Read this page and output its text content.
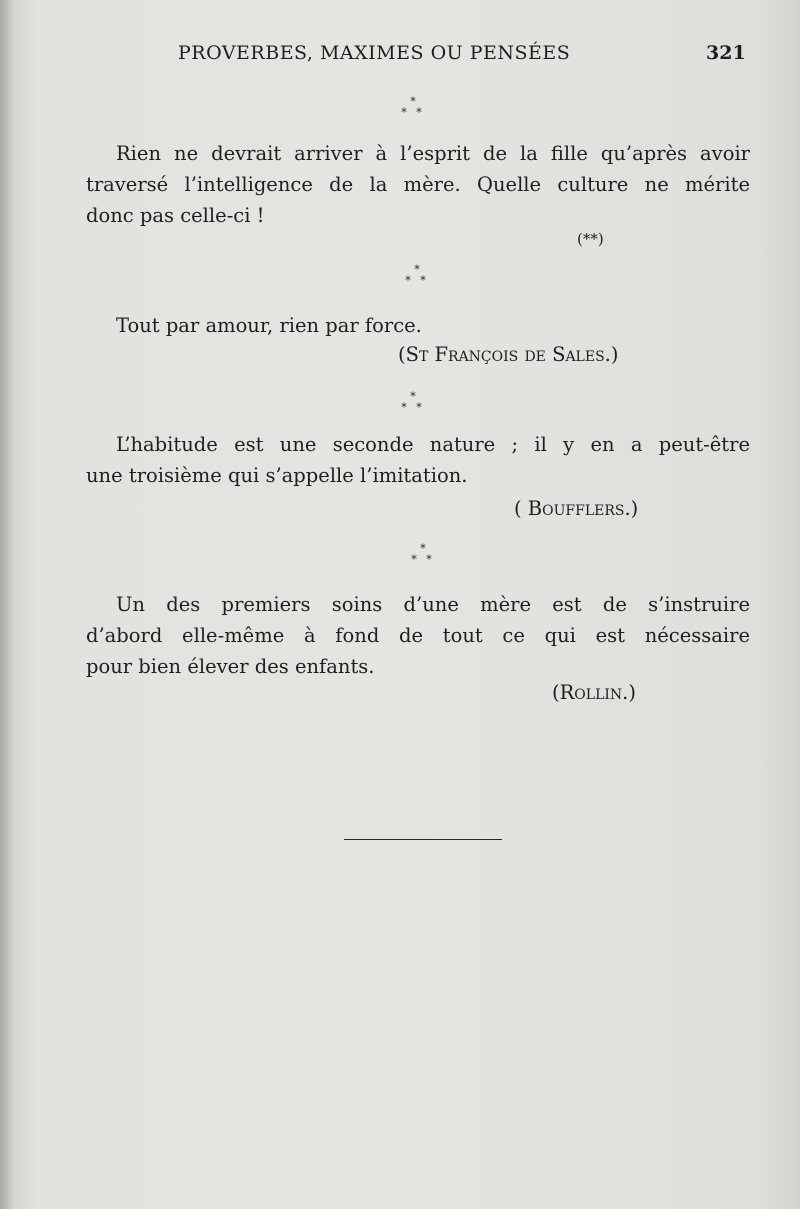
PROVERBES, MAXIMES OU PENSÉES	321
*
* *
Rien ne devrait arriver à l’esprit de la fille qu’après avoir
traversé l’intelligence de la mère. Quelle culture ne mérite
donc pas celle-ci !
(**)
*
* *
Tout par amour, rien par force.
(St François de Sales.)
*
* *
L’habitude est une seconde nature ; il y en a peut-être
une troisième qui s’appelle l’imitation.
( Boufflers.)
*
* *
Un des premiers soins d’une mère est de s’instruire
d’abord elle-même à fond de tout ce qui est nécessaire
pour bien élever des enfants.
(Rollin.)
